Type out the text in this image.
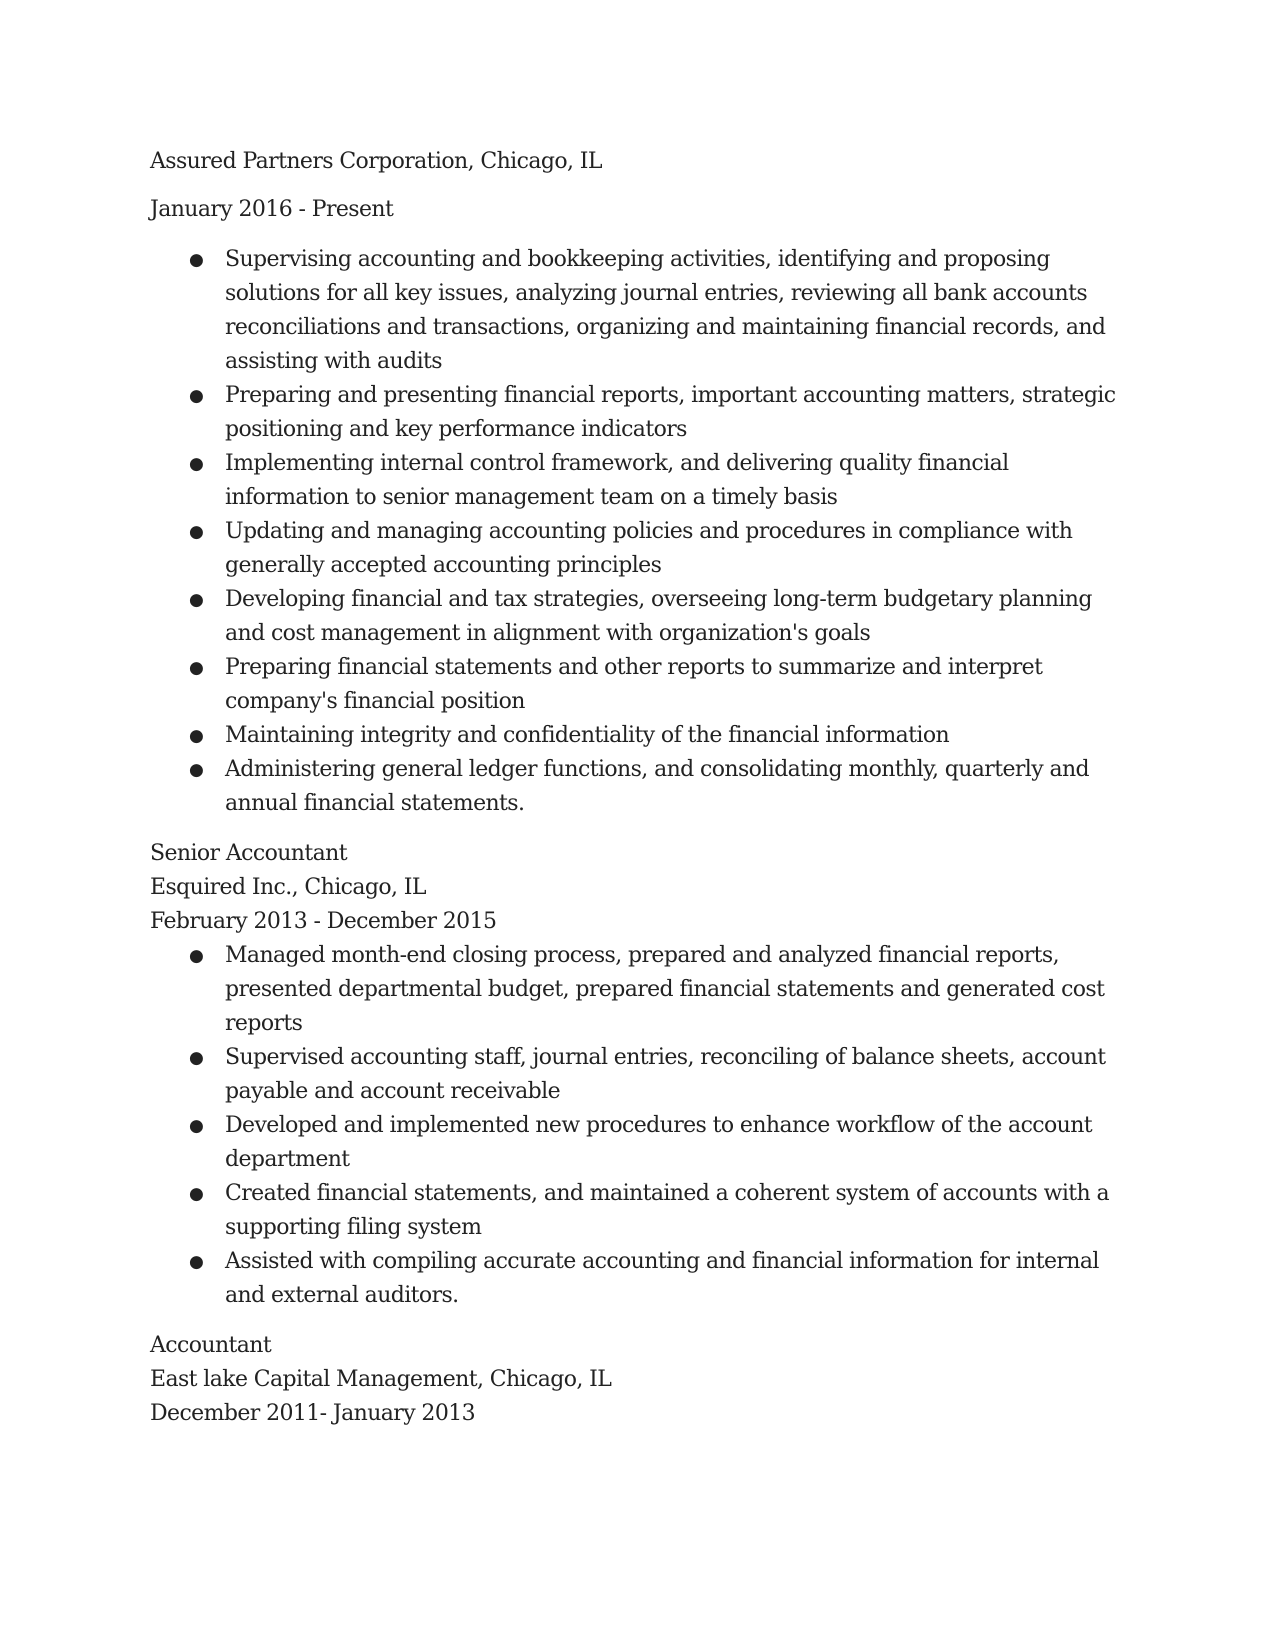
Assured Partners Corporation, Chicago, IL

January 2016 - Present

● Supervising accounting and bookkeeping activities, identifying and proposing solutions for all key issues, analyzing journal entries, reviewing all bank accounts reconciliations and transactions, organizing and maintaining financial records, and assisting with audits
● Preparing and presenting financial reports, important accounting matters, strategic positioning and key performance indicators
● Implementing internal control framework, and delivering quality financial information to senior management team on a timely basis
● Updating and managing accounting policies and procedures in compliance with generally accepted accounting principles
● Developing financial and tax strategies, overseeing long-term budgetary planning and cost management in alignment with organization's goals
● Preparing financial statements and other reports to summarize and interpret company's financial position
● Maintaining integrity and confidentiality of the financial information
● Administering general ledger functions, and consolidating monthly, quarterly and annual financial statements.

Senior Accountant

Esquired Inc., Chicago, IL

February 2013 - December 2015

● Managed month-end closing process, prepared and analyzed financial reports, presented departmental budget, prepared financial statements and generated cost reports
● Supervised accounting staff, journal entries, reconciling of balance sheets, account payable and account receivable
● Developed and implemented new procedures to enhance workflow of the account department
● Created financial statements, and maintained a coherent system of accounts with a supporting filing system
● Assisted with compiling accurate accounting and financial information for internal and external auditors.

Accountant

East lake Capital Management, Chicago, IL

December 2011- January 2013
